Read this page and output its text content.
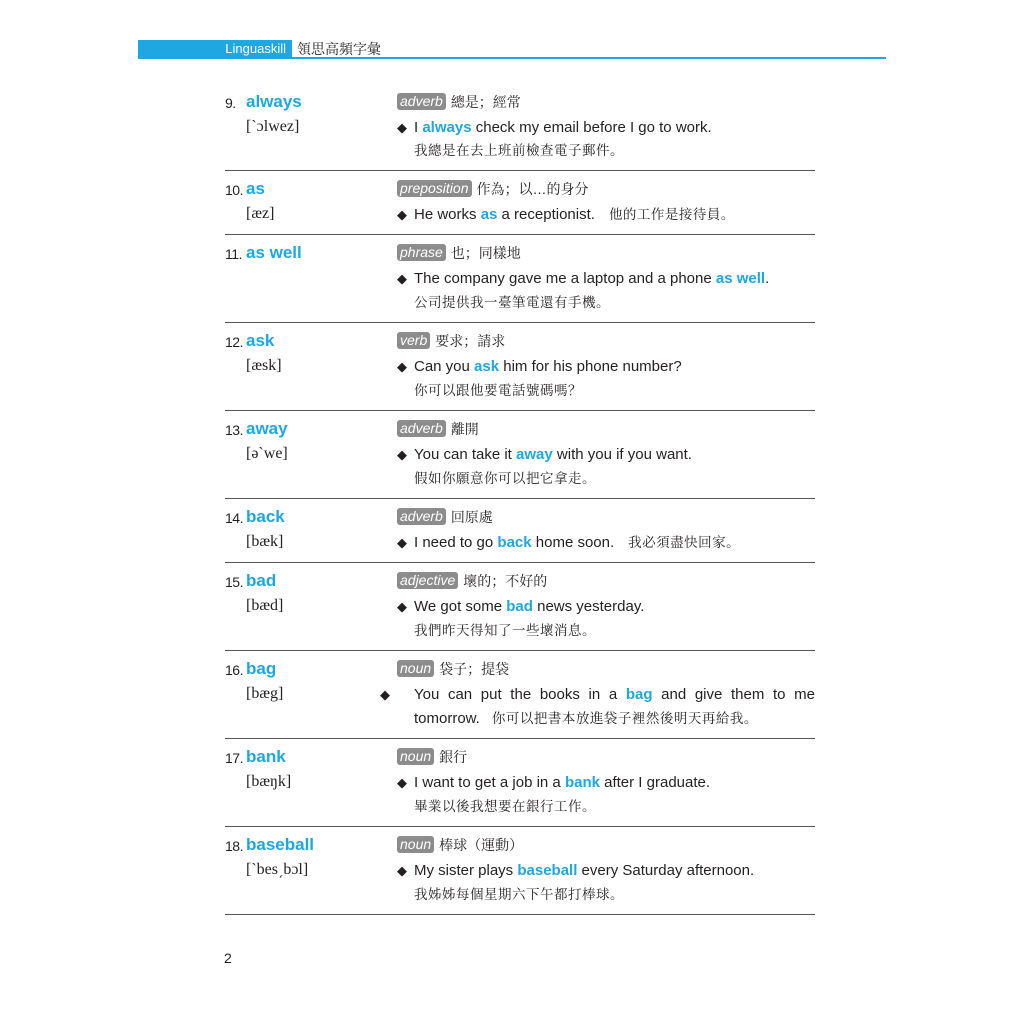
Linguaskill 領思高頻字彙
9. always
[ˋɔlwez]
adverb 總是；經常
◆ I always check my email before I go to work.
我總是在去上班前檢查電子郵件。
10. as
[æz]
preposition 作為；以…的身分
◆ He works as a receptionist. 他的工作是接待員。
11. as well	phrase 也；同樣地
◆ The company gave me a laptop and a phone as well.
公司提供我一臺筆電還有手機。
12. ask
[æsk]
verb 要求；請求
◆ Can you ask him for his phone number?
你可以跟他要電話號碼嗎？
13. away
[əˋwe]
adverb 離開
◆ You can take it away with you if you want.
假如你願意你可以把它拿走。
14. back
[bæk]
adverb 回原處
◆ I need to go back home soon. 我必須盡快回家。
15. bad
[bæd]
adjective 壞的；不好的
◆ We got some bad news yesterday.
我們昨天得知了一些壞消息。
16. bag
[bæg]
noun 袋子；提袋
◆ You can put the books in a bag and give them to me
tomorrow. 你可以把書本放進袋子裡然後明天再給我。
17. bank
[bæŋk]
noun 銀行
◆ I want to get a job in a bank after I graduate.
畢業以後我想要在銀行工作。
18. baseball
[ˋbes͵bɔl]
noun 棒球（運動）
◆ My sister plays baseball every Saturday afternoon.
我姊姊每個星期六下午都打棒球。
2
